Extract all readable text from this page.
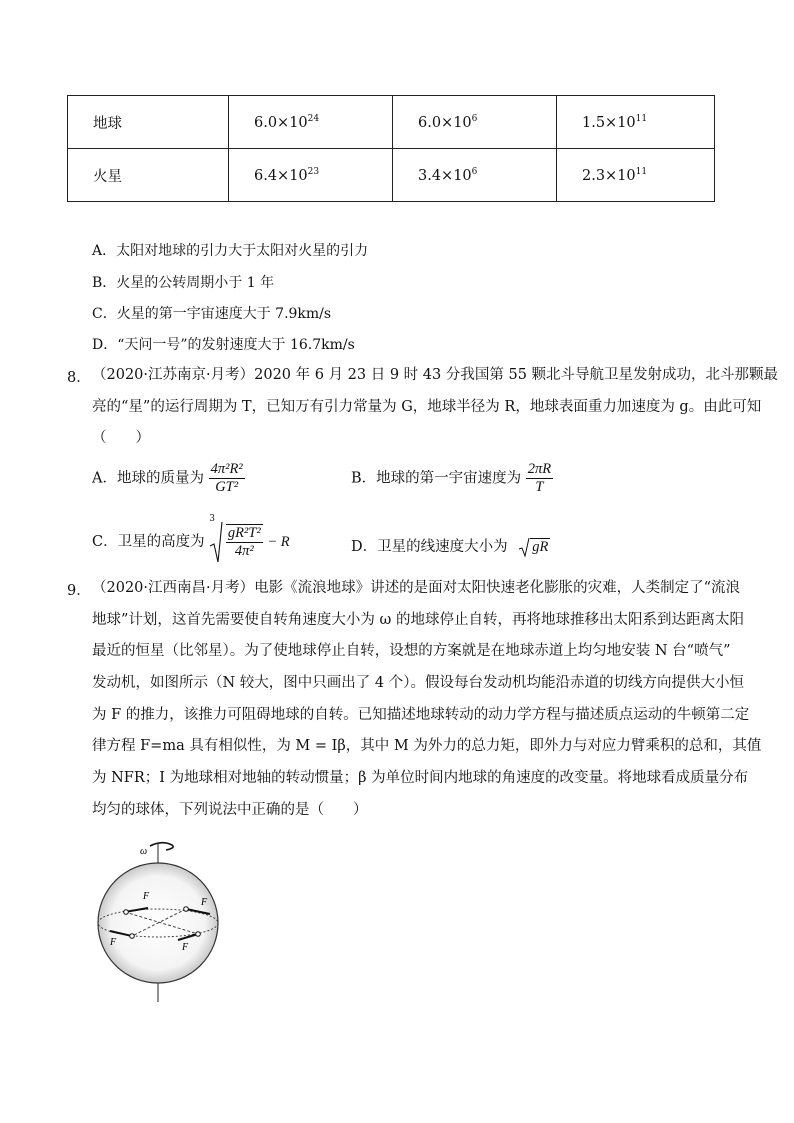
地球	$6.0\times 10^{24}$	$6.0\times 10^6$	$1.5\times 10^{11}$
火星	$6.4\times 10^{23}$	$3.4\times 10^6$	$2.3\times 10^{11}$
A．太阳对地球的引力大于太阳对火星的引力
B．火星的公转周期小于 1 年
C．火星的第一宇宙速度大于 7.9km/s
D．“天问一号”的发射速度大于 16.7km/s
8． （2020·江苏南京·月考）2020 年 6 月 23 日 9 时 43 分我国第 55 颗北斗导航卫星发射成功，北斗那颗最
亮的“星”的运行周期为 T，已知万有引力常量为 G，地球半径为 R，地球表面重力加速度为 g。由此可知
（　　）
A．地球的质量为 $\frac{\text{4π²R²}}{\text{GT²}}$	B．地球的第一宇宙速度为 $\frac{2\pi R}{T}$
C．卫星的高度为
3

$\frac{\text{gR²T²}}{\text{4π²}} - R$	D．卫星的线速度大小为 gR
9． （2020·江西南昌·月考）电影《流浪地球》讲述的是面对太阳快速老化膨胀的灾难，人类制定了“流浪
地球”计划，这首先需要使自转角速度大小为 ω 的地球停止自转，再将地球推移出太阳系到达距离太阳
最近的恒星（比邻星）。为了使地球停止自转，设想的方案就是在地球赤道上均匀地安装 N 台“喷气”
发动机，如图所示（N 较大，图中只画出了 4 个）。假设每台发动机均能沿赤道的切线方向提供大小恒
为 F 的推力，该推力可阻碍地球的自转。已知描述地球转动的动力学方程与描述质点运动的牛顿第二定
律方程 F=ma 具有相似性，为 M = Iβ，其中 M 为外力的总力矩，即外力与对应力臂乘积的总和，其值
为 NFR；I 为地球相对地轴的转动惯量；β 为单位时间内地球的角速度的改变量。将地球看成质量分布
均匀的球体，下列说法中正确的是（　　）
ω
F
F
F	F
